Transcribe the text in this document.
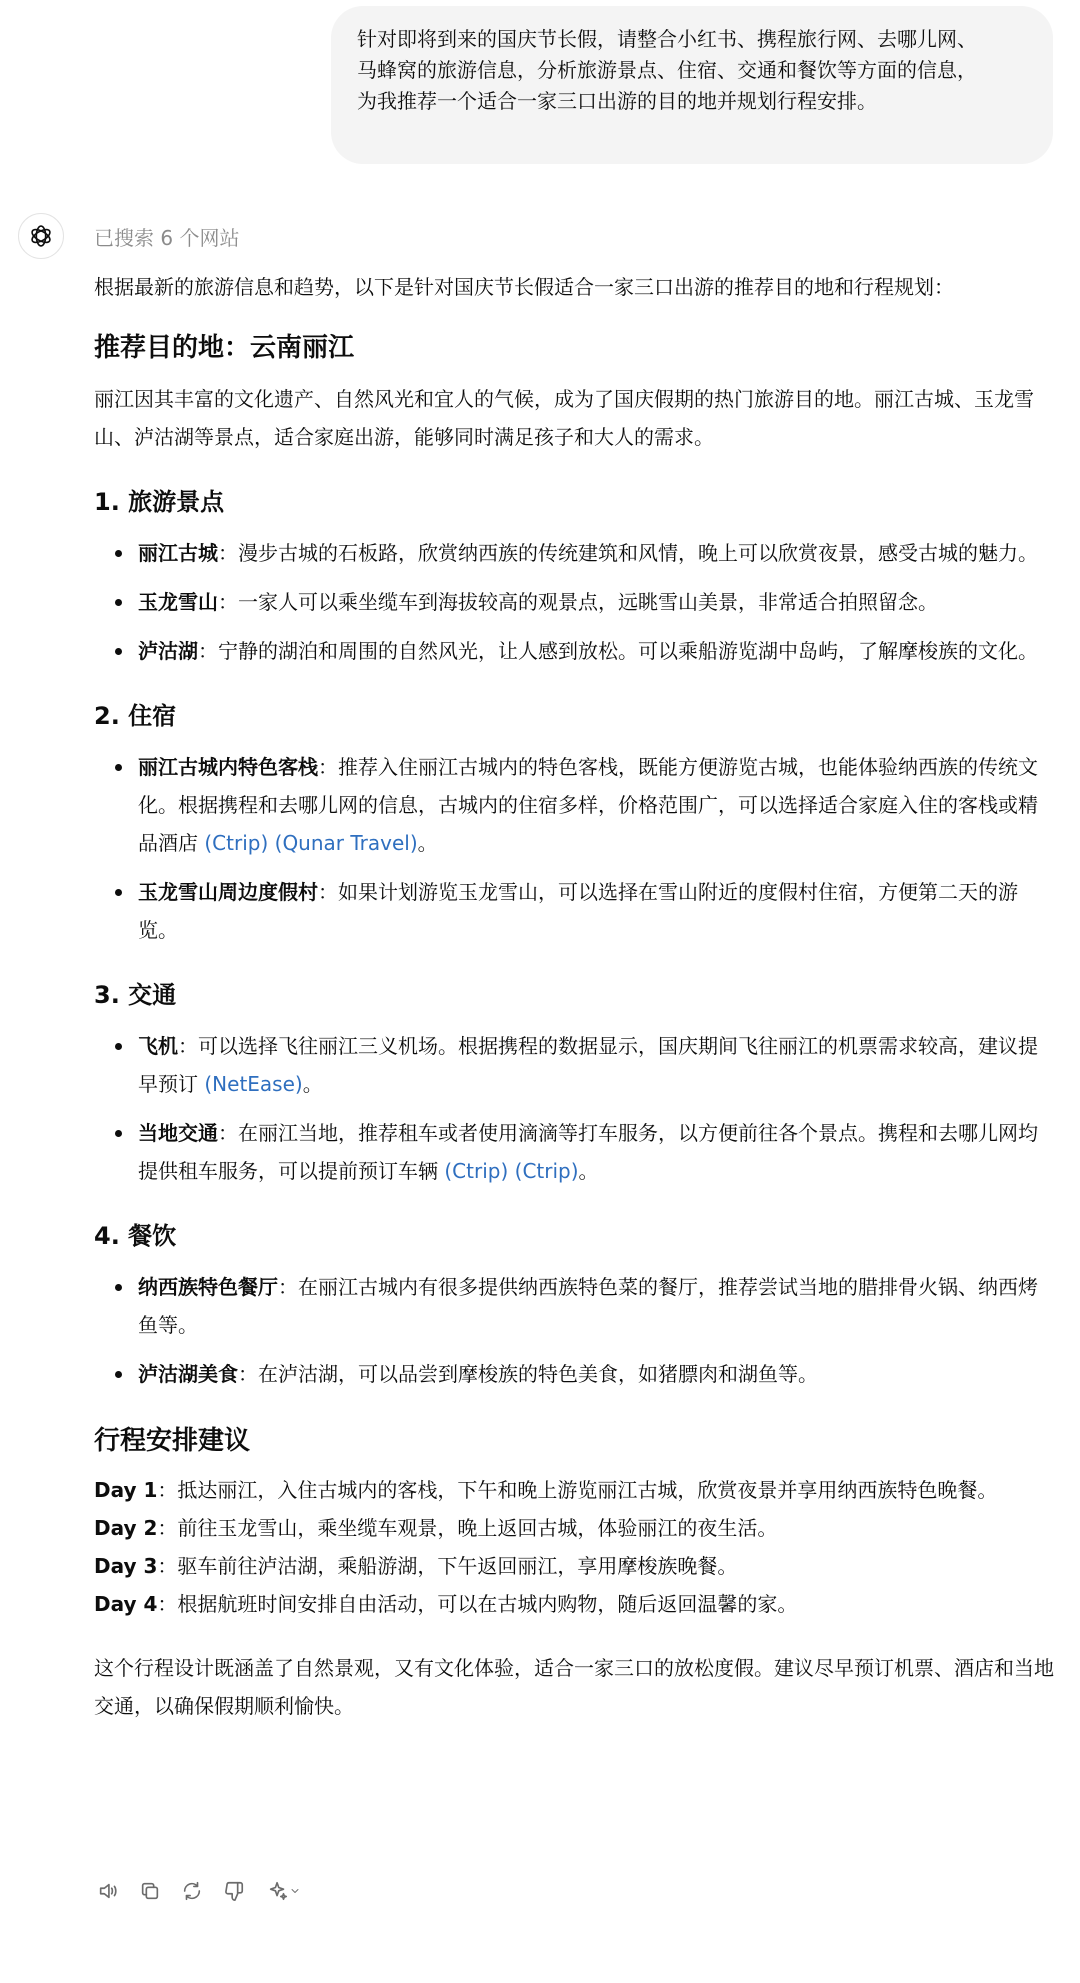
针对即将到来的国庆节长假，请整合小红书、携程旅行网、去哪儿网、
马蜂窝的旅游信息，分析旅游景点、住宿、交通和餐饮等方面的信息，
为我推荐一个适合一家三口出游的目的地并规划行程安排。
已搜索 6 个网站

根据最新的旅游信息和趋势，以下是针对国庆节长假适合一家三口出游的推荐目的地和行程规划：

推荐目的地：云南丽江

丽江因其丰富的文化遗产、自然风光和宜人的气候，成为了国庆假期的热门旅游目的地。丽江古城、玉龙雪山、泸沽湖等景点，适合家庭出游，能够同时满足孩子和大人的需求。

1. 旅游景点
丽江古城：漫步古城的石板路，欣赏纳西族的传统建筑和风情，晚上可以欣赏夜景，感受古城的魅力。
玉龙雪山：一家人可以乘坐缆车到海拔较高的观景点，远眺雪山美景，非常适合拍照留念。
泸沽湖：宁静的湖泊和周围的自然风光，让人感到放松。可以乘船游览湖中岛屿，了解摩梭族的文化。
2. 住宿
丽江古城内特色客栈：推荐入住丽江古城内的特色客栈，既能方便游览古城，也能体验纳西族的传统文化。根据携程和去哪儿网的信息，古城内的住宿多样，价格范围广，可以选择适合家庭入住的客栈或精品酒店 (Ctrip) (Qunar Travel)。
玉龙雪山周边度假村：如果计划游览玉龙雪山，可以选择在雪山附近的度假村住宿，方便第二天的游览。
3. 交通
飞机：可以选择飞往丽江三义机场。根据携程的数据显示，国庆期间飞往丽江的机票需求较高，建议提早预订 (NetEase)。
当地交通：在丽江当地，推荐租车或者使用滴滴等打车服务，以方便前往各个景点。携程和去哪儿网均提供租车服务，可以提前预订车辆 (Ctrip) (Ctrip)。
4. 餐饮
纳西族特色餐厅：在丽江古城内有很多提供纳西族特色菜的餐厅，推荐尝试当地的腊排骨火锅、纳西烤鱼等。
泸沽湖美食：在泸沽湖，可以品尝到摩梭族的特色美食，如猪膘肉和湖鱼等。
行程安排建议
Day 1：抵达丽江，入住古城内的客栈，下午和晚上游览丽江古城，欣赏夜景并享用纳西族特色晚餐。
Day 2：前往玉龙雪山，乘坐缆车观景，晚上返回古城，体验丽江的夜生活。
Day 3：驱车前往泸沽湖，乘船游湖，下午返回丽江，享用摩梭族晚餐。
Day 4：根据航班时间安排自由活动，可以在古城内购物，随后返回温馨的家。

这个行程设计既涵盖了自然景观，又有文化体验，适合一家三口的放松度假。建议尽早预订机票、酒店和当地交通，以确保假期顺利愉快。
